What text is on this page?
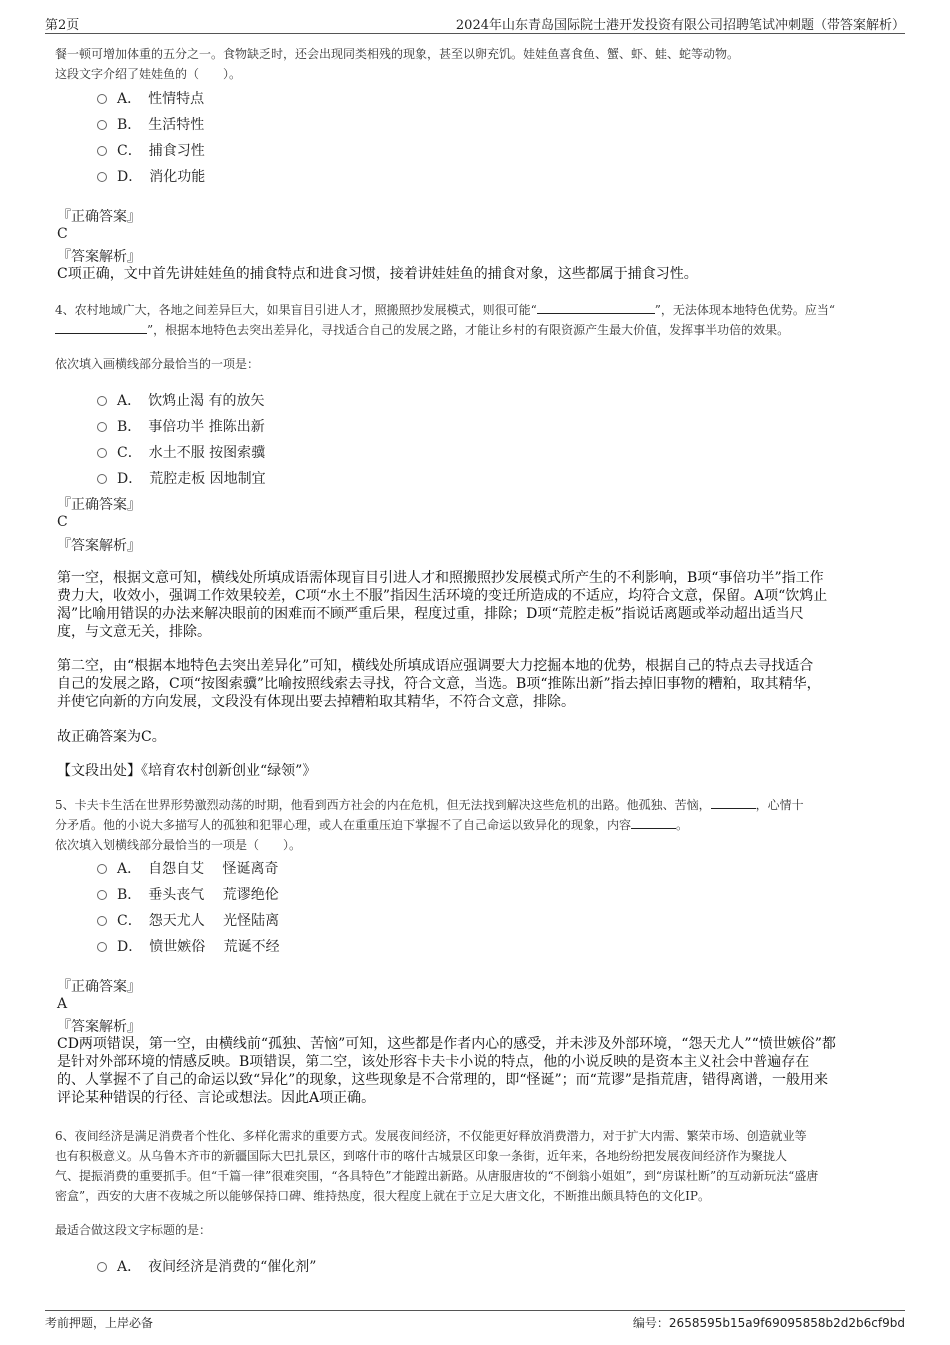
第2页	2024年山东青岛国际院士港开发投资有限公司招聘笔试冲刺题（带答案解析）
餐一顿可增加体重的五分之一。食物缺乏时，还会出现同类相残的现象，甚至以卵充饥。娃娃鱼喜食鱼、蟹、虾、蛙、蛇等动物。
这段文字介绍了娃娃鱼的（　　）。
A．　性情特点
B．　生活特性
C．　捕食习性
D．　消化功能
『正确答案』
C
『答案解析』
C项正确，文中首先讲娃娃鱼的捕食特点和进食习惯，接着讲娃娃鱼的捕食对象，这些都属于捕食习性。
4、农村地域广大，各地之间差异巨大，如果盲目引进人才，照搬照抄发展模式，则很可能“	”，无法体现本地特色优势。应当“
”，根据本地特色去突出差异化，寻找适合自己的发展之路，才能让乡村的有限资源产生最大价值，发挥事半功倍的效果。
依次填入画横线部分最恰当的一项是：
A．　饮鸩止渴 有的放矢
B．　事倍功半 推陈出新
C．　水土不服 按图索骥
D．　荒腔走板 因地制宜
『正确答案』
C
『答案解析』
第一空，根据文意可知，横线处所填成语需体现盲目引进人才和照搬照抄发展模式所产生的不利影响，B项“事倍功半”指工作
费力大，收效小，强调工作效果较差，C项“水土不服”指因生活环境的变迁所造成的不适应，均符合文意，保留。A项“饮鸩止
渴”比喻用错误的办法来解决眼前的困难而不顾严重后果，程度过重，排除；D项“荒腔走板”指说话离题或举动超出适当尺
度，与文意无关，排除。
第二空，由“根据本地特色去突出差异化”可知，横线处所填成语应强调要大力挖掘本地的优势，根据自己的特点去寻找适合
自己的发展之路，C项“按图索骥”比喻按照线索去寻找，符合文意，当选。B项“推陈出新”指去掉旧事物的糟粕，取其精华，
并使它向新的方向发展，文段没有体现出要去掉糟粕取其精华，不符合文意，排除。
故正确答案为C。
【文段出处】《培育农村创新创业“绿领”》
5、卡夫卡生活在世界形势激烈动荡的时期，他看到西方社会的内在危机，但无法找到解决这些危机的出路。他孤独、苦恼，	，心情十
分矛盾。他的小说大多描写人的孤独和犯罪心理，或人在重重压迫下掌握不了自己命运以致异化的现象，内容	。
依次填入划横线部分最恰当的一项是（　　）。
A．　自怨自艾　 怪诞离奇
B．　垂头丧气　 荒谬绝伦
C．　怨天尤人　 光怪陆离
D．　愤世嫉俗　 荒诞不经
『正确答案』
A
『答案解析』
CD两项错误，第一空，由横线前“孤独、苦恼”可知，这些都是作者内心的感受，并未涉及外部环境，“怨天尤人”“愤世嫉俗”都
是针对外部环境的情感反映。B项错误，第二空，该处形容卡夫卡小说的特点，他的小说反映的是资本主义社会中普遍存在
的、人掌握不了自己的命运以致“异化”的现象，这些现象是不合常理的，即“怪诞”；而“荒谬”是指荒唐，错得离谱，一般用来
评论某种错误的行径、言论或想法。因此A项正确。
6、夜间经济是满足消费者个性化、多样化需求的重要方式。发展夜间经济，不仅能更好释放消费潜力，对于扩大内需、繁荣市场、创造就业等
也有积极意义。从乌鲁木齐市的新疆国际大巴扎景区，到喀什市的喀什古城景区印象一条街，近年来，各地纷纷把发展夜间经济作为聚拢人
气、提振消费的重要抓手。但“千篇一律”很难突围，“各具特色”才能蹚出新路。从唐服唐妆的“不倒翁小姐姐”，到“房谋杜断”的互动新玩法“盛唐
密盒”，西安的大唐不夜城之所以能够保持口碑、维持热度，很大程度上就在于立足大唐文化，不断推出颇具特色的文化IP。
最适合做这段文字标题的是：
A．　夜间经济是消费的“催化剂”
考前押题，上岸必备	编号：2658595b15a9f69095858b2d2b6cf9bd
